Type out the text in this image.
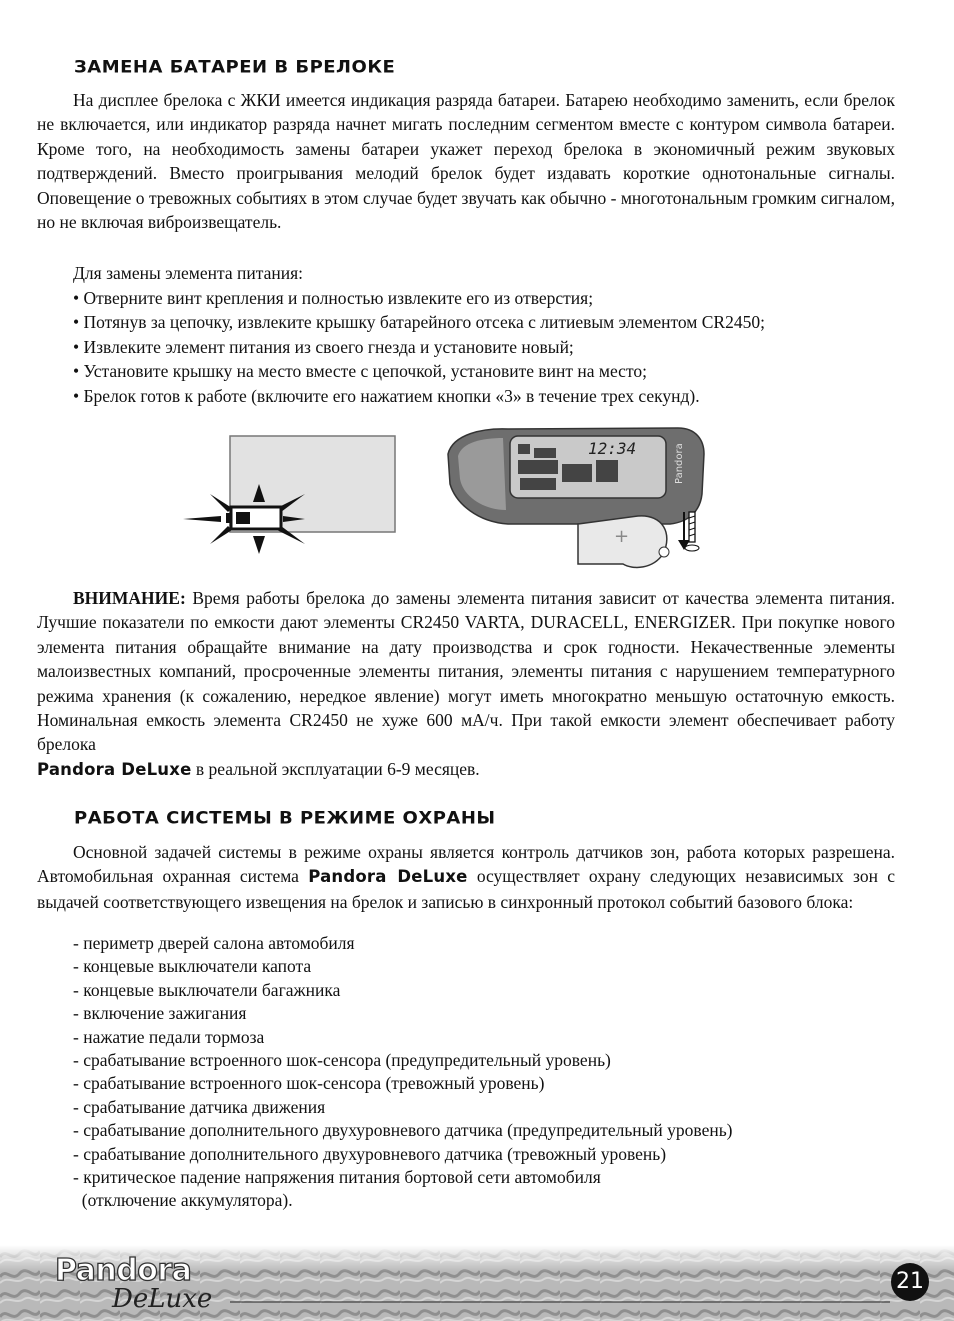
ЗАМЕНА БАТАРЕИ В БРЕЛОКЕ

На дисплее брелока с ЖКИ имеется индикация разряда батареи. Батарею необходимо заменить, если брелок не включается, или индикатор разряда начнет мигать последним сегментом вместе с контуром символа батареи. Кроме того, на необходимость замены батареи укажет переход брелока в экономичный режим звуковых подтверждений. Вместо проигрывания мелодий брелок будет издавать короткие однотональные сигналы. Оповещение о тревожных событиях в этом случае будет звучать как обычно - многотональным громким сигналом, но не включая виброизвещатель.

Для замены элемента питания:
• Отверните винт крепления и полностью извлеките его из отверстия;
• Потянув за цепочку, извлеките крышку батарейного отсека с литиевым элементом CR2450;
• Извлеките элемент питания из своего гнезда и установите новый;
• Установите крышку на место вместе с цепочкой, установите винт на место;
• Брелок готов к работе (включите его нажатием кнопки «3» в течение трех секунд).
12:34	Pandora
+

ВНИМАНИЕ: Время работы брелока до замены элемента питания зависит от качества элемента питания. Лучшие показатели по емкости дают элементы CR2450 VARTA, DURACELL, ENERGIZER. При покупке нового элемента питания обращайте внимание на дату производства и срок годности. Некачественные элементы малоизвестных компаний, просроченные элементы питания, элементы питания с нарушением температурного режима хранения (к сожалению, нередкое явление) могут иметь многократно меньшую остаточную емкость. Номинальная емкость элемента CR2450 не хуже 600 мА/ч. При такой емкости элемент обеспечивает работу брелока
Pandora DeLuxe в реальной эксплуатации 6-9 месяцев.

РАБОТА СИСТЕМЫ В РЕЖИМЕ ОХРАНЫ

Основной задачей системы в режиме охраны является контроль датчиков зон, работа которых разрешена. Автомобильная охранная система Pandora DeLuxe осуществляет охрану следующих независимых зон с выдачей соответствующего извещения на брелок и записью в синхронный протокол событий базового блока:

- периметр дверей салона автомобиля
- концевые выключатели капота
- концевые выключатели багажника
- включение зажигания
- нажатие педали тормоза
- срабатывание встроенного шок-сенсора (предупредительный уровень)
- срабатывание встроенного шок-сенсора (тревожный уровень)
- срабатывание датчика движения
- срабатывание дополнительного двухуровневого датчика (предупредительный уровень)
- срабатывание дополнительного двухуровневого датчика (тревожный уровень)
- критическое падение напряжения питания бортовой сети автомобиля
(отключение аккумулятора).
Pandora
DeLuxe
21
